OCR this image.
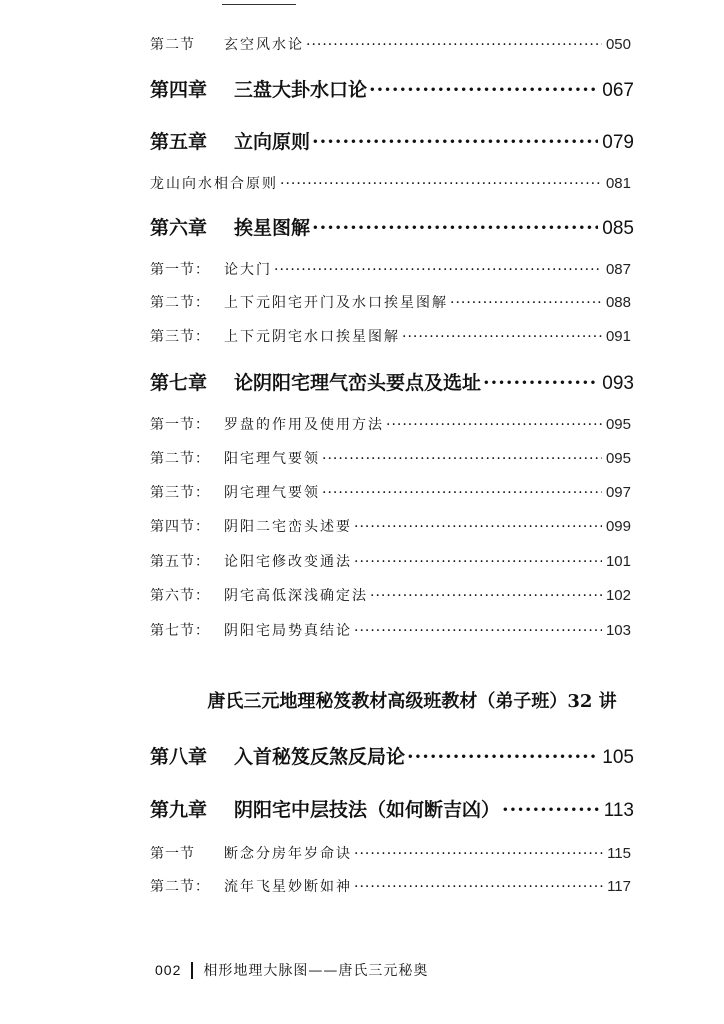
第二节	玄空风水论 ·····	050
第四章	三盘大卦水口论 ·····	067
第五章	立向原则 ·····	079
龙山向水相合原则 ·····	081
第六章	挨星图解 ·····	085
第一节：	论大门 ·····	087
第二节：	上下元阳宅开门及水口挨星图解 ·····	088
第三节：	上下元阴宅水口挨星图解 ·····	091
第七章	论阴阳宅理气峦头要点及选址 ·····	093
第一节：	罗盘的作用及使用方法 ·····	095
第二节：	阳宅理气要领 ·····	095
第三节：	阴宅理气要领 ·····	097
第四节：	阴阳二宅峦头述要 ·····	099
第五节：	论阳宅修改变通法 ·····	101
第六节：	阴宅高低深浅确定法 ·····	102
第七节：	阴阳宅局势真结论 ·····	103
唐氏三元地理秘笈教材高级班教材（弟子班）32 讲
第八章	入首秘笈反煞反局论 ·····	105
第九章	阴阳宅中层技法（如何断吉凶） ·····	113
第一节	断念分房年岁命诀 ·····	115
第二节：	流年飞星妙断如神 ·····	117
002 相形地理大脉图——唐氏三元秘奥
